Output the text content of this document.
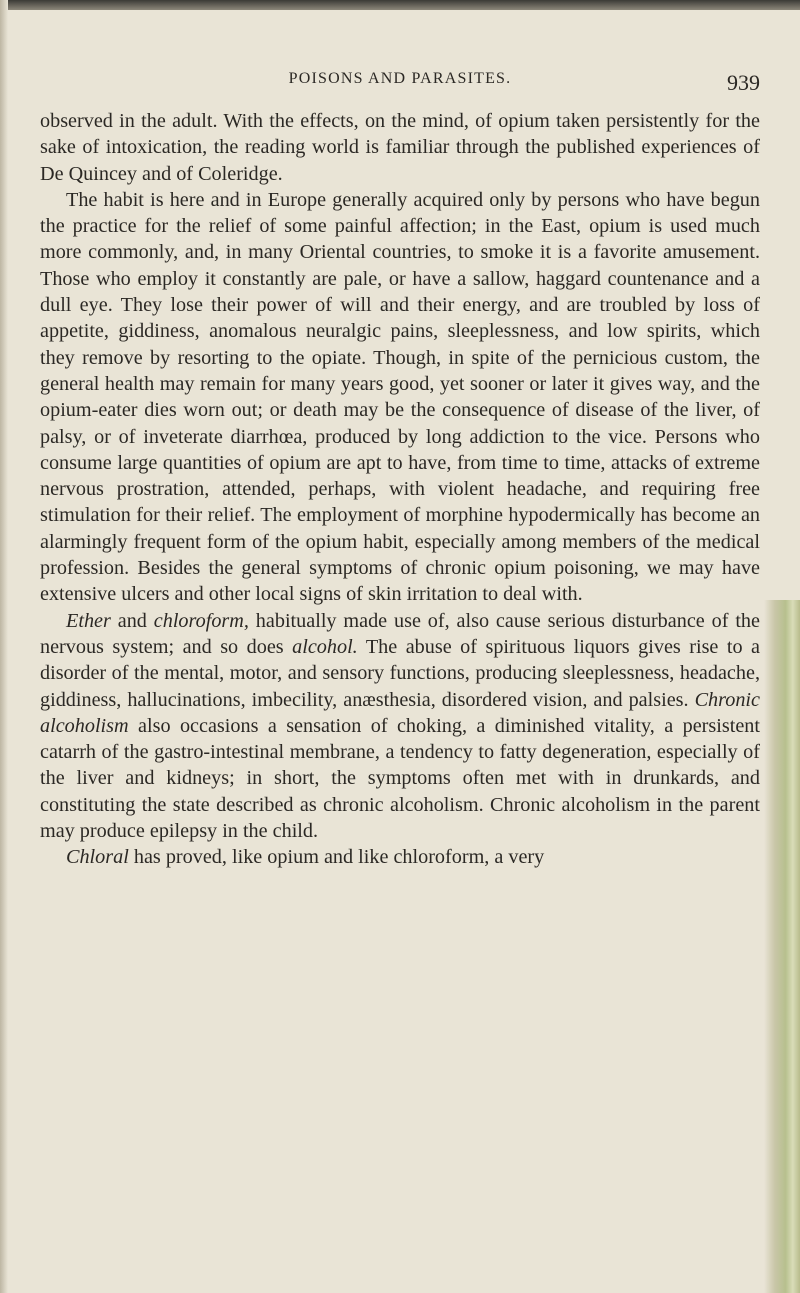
POISONS AND PARASITES.	939

observed in the adult. With the effects, on the mind, of opium taken persistently for the sake of intoxication, the reading world is familiar through the published experiences of De Quincey and of Coleridge.

The habit is here and in Europe generally acquired only by persons who have begun the practice for the relief of some painful affection; in the East, opium is used much more commonly, and, in many Oriental countries, to smoke it is a favorite amusement. Those who employ it constantly are pale, or have a sallow, haggard countenance and a dull eye. They lose their power of will and their energy, and are troubled by loss of appetite, giddiness, anomalous neuralgic pains, sleeplessness, and low spirits, which they remove by resorting to the opiate. Though, in spite of the pernicious custom, the general health may remain for many years good, yet sooner or later it gives way, and the opium-eater dies worn out; or death may be the consequence of disease of the liver, of palsy, or of inveterate diarrhœa, produced by long addiction to the vice. Persons who consume large quantities of opium are apt to have, from time to time, attacks of extreme nervous prostration, attended, perhaps, with violent headache, and requiring free stimulation for their relief. The employment of morphine hypodermically has become an alarmingly frequent form of the opium habit, especially among members of the medical profession. Besides the general symptoms of chronic opium poisoning, we may have extensive ulcers and other local signs of skin irritation to deal with.

Ether and chloroform, habitually made use of, also cause serious disturbance of the nervous system; and so does alcohol. The abuse of spirituous liquors gives rise to a disorder of the mental, motor, and sensory functions, producing sleeplessness, headache, giddiness, hallucinations, imbecility, anæsthesia, disordered vision, and palsies. Chronic alcoholism also occasions a sensation of choking, a diminished vitality, a persistent catarrh of the gastro-intestinal membrane, a tendency to fatty degeneration, especially of the liver and kidneys; in short, the symptoms often met with in drunkards, and constituting the state described as chronic alcoholism. Chronic alcoholism in the parent may produce epilepsy in the child.

Chloral has proved, like opium and like chloroform, a very
